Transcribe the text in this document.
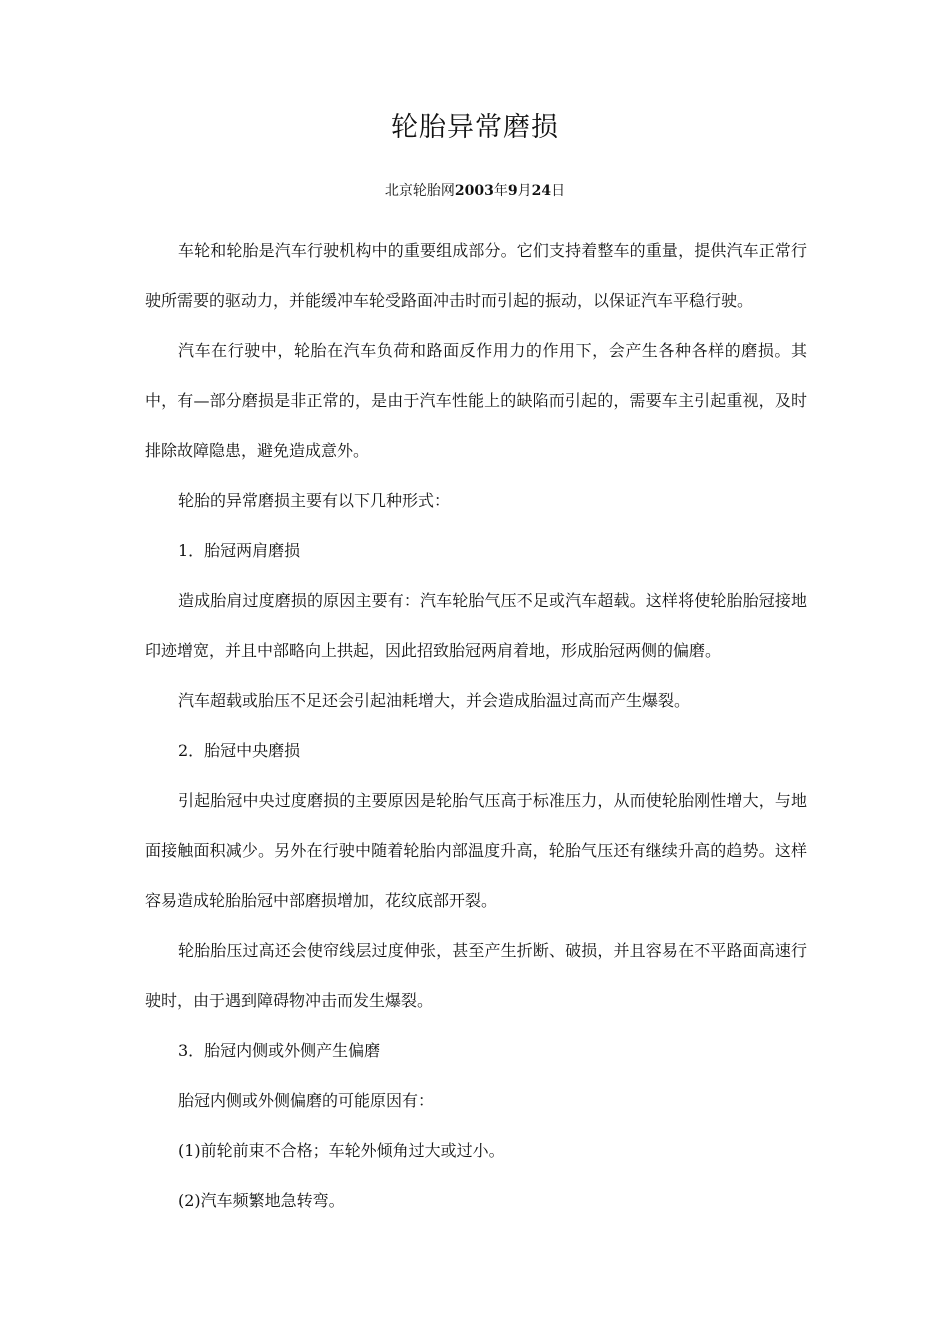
轮胎异常磨损
北京轮胎网2003年9月24日

车轮和轮胎是汽车行驶机构中的重要组成部分。它们支持着整车的重量，提供汽车正常行驶所需要的驱动力，并能缓冲车轮受路面冲击时而引起的振动，以保证汽车平稳行驶。

汽车在行驶中，轮胎在汽车负荷和路面反作用力的作用下，会产生各种各样的磨损。其中，有—部分磨损是非正常的，是由于汽车性能上的缺陷而引起的，需要车主引起重视，及时排除故障隐患，避免造成意外。

轮胎的异常磨损主要有以下几种形式：

1．胎冠两肩磨损

造成胎肩过度磨损的原因主要有：汽车轮胎气压不足或汽车超载。这样将使轮胎胎冠接地印迹增宽，并且中部略向上拱起，因此招致胎冠两肩着地，形成胎冠两侧的偏磨。

汽车超载或胎压不足还会引起油耗增大，并会造成胎温过高而产生爆裂。

2．胎冠中央磨损

引起胎冠中央过度磨损的主要原因是轮胎气压高于标准压力，从而使轮胎刚性增大，与地面接触面积减少。另外在行驶中随着轮胎内部温度升高，轮胎气压还有继续升高的趋势。这样容易造成轮胎胎冠中部磨损增加，花纹底部开裂。

轮胎胎压过高还会使帘线层过度伸张，甚至产生折断、破损，并且容易在不平路面高速行驶时，由于遇到障碍物冲击而发生爆裂。

3．胎冠内侧或外侧产生偏磨

胎冠内侧或外侧偏磨的可能原因有：

(1)前轮前束不合格；车轮外倾角过大或过小。

(2)汽车频繁地急转弯。
